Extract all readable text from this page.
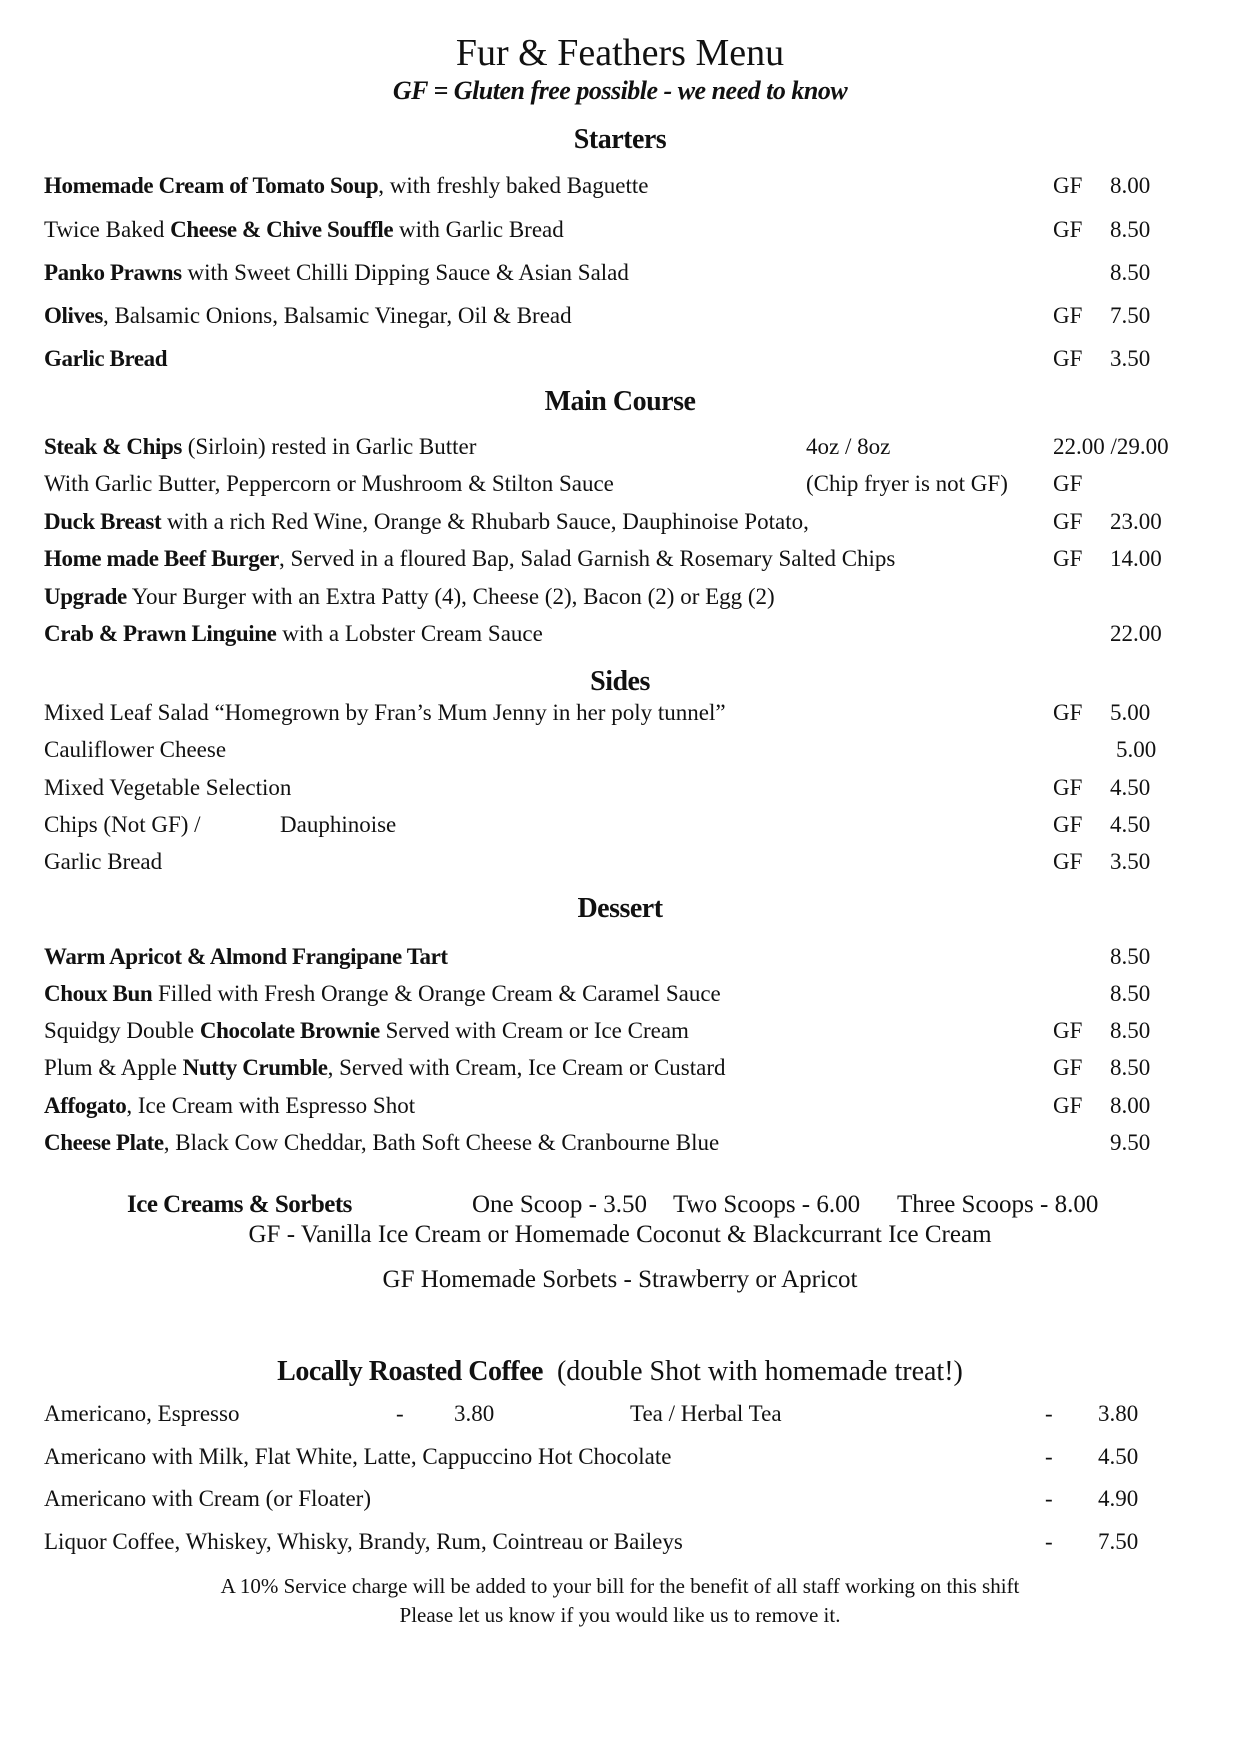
Fur & Feathers Menu
GF = Gluten free possible - we need to know
Starters
Homemade Cream of Tomato Soup, with freshly baked Baguette	GF 8.00
Twice Baked Cheese & Chive Souffle with Garlic Bread	GF 8.50
Panko Prawns with Sweet Chilli Dipping Sauce & Asian Salad	8.50
Olives, Balsamic Onions, Balsamic Vinegar, Oil & Bread	GF 7.50
Garlic Bread	GF 3.50
Main Course
Steak & Chips (Sirloin) rested in Garlic Butter	4oz / 8oz	22.00 /29.00
With Garlic Butter, Peppercorn or Mushroom & Stilton Sauce	(Chip fryer is not GF) GF
Duck Breast with a rich Red Wine, Orange & Rhubarb Sauce, Dauphinoise Potato,	GF 23.00
Home made Beef Burger, Served in a floured Bap, Salad Garnish & Rosemary Salted Chips	GF 14.00
Upgrade Your Burger with an Extra Patty (4), Cheese (2), Bacon (2) or Egg (2)
Crab & Prawn Linguine with a Lobster Cream Sauce	22.00
Sides
Mixed Leaf Salad “Homegrown by Fran’s Mum Jenny in her poly tunnel”	GF 5.00
Cauliflower Cheese	5.00
Mixed Vegetable Selection	GF 4.50
Chips (Not GF) /	Dauphinoise	GF 4.50
Garlic Bread	GF 3.50
Dessert
Warm Apricot & Almond Frangipane Tart	8.50
Choux Bun Filled with Fresh Orange & Orange Cream & Caramel Sauce	8.50
Squidgy Double Chocolate Brownie Served with Cream or Ice Cream	GF 8.50
Plum & Apple Nutty Crumble, Served with Cream, Ice Cream or Custard	GF 8.50
Affogato, Ice Cream with Espresso Shot	GF 8.00
Cheese Plate, Black Cow Cheddar, Bath Soft Cheese & Cranbourne Blue	9.50
Ice Creams & Sorbets	One Scoop - 3.50 Two Scoops - 6.00 Three Scoops - 8.00
GF - Vanilla Ice Cream or Homemade Coconut & Blackcurrant Ice Cream
GF Homemade Sorbets - Strawberry or Apricot
Locally Roasted Coffee (double Shot with homemade treat!)
Americano, Espresso	- 3.80	Tea / Herbal Tea	- 3.80
Americano with Milk, Flat White, Latte, Cappuccino Hot Chocolate	- 4.50
Americano with Cream (or Floater)	- 4.90
Liquor Coffee, Whiskey, Whisky, Brandy, Rum, Cointreau or Baileys	- 7.50
A 10% Service charge will be added to your bill for the benefit of all staff working on this shift
Please let us know if you would like us to remove it.
